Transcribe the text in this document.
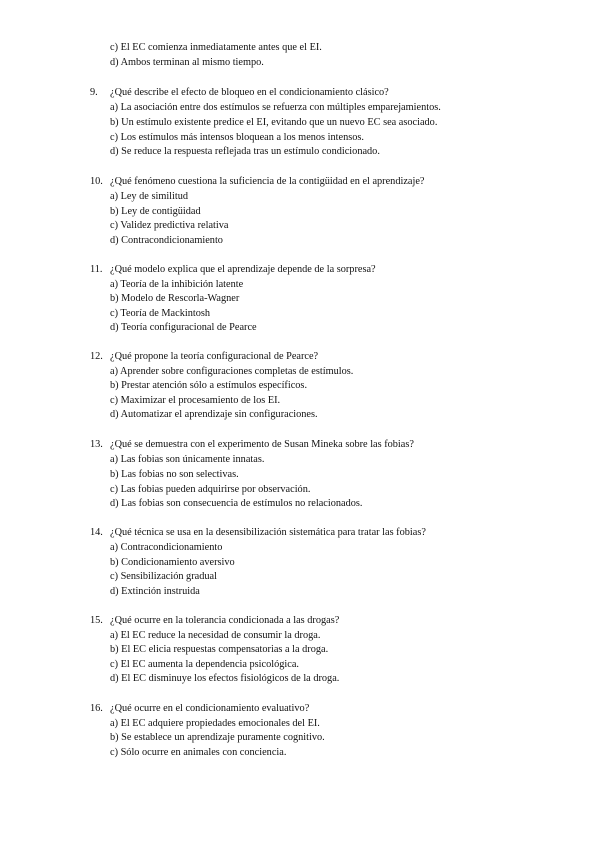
c) El EC comienza inmediatamente antes que el EI.
d) Ambos terminan al mismo tiempo.
9.	¿Qué describe el efecto de bloqueo en el condicionamiento clásico?
a) La asociación entre dos estímulos se refuerza con múltiples emparejamientos.
b) Un estímulo existente predice el EI, evitando que un nuevo EC sea asociado.
c) Los estímulos más intensos bloquean a los menos intensos.
d) Se reduce la respuesta reflejada tras un estímulo condicionado.
10. ¿Qué fenómeno cuestiona la suficiencia de la contigüidad en el aprendizaje?
a) Ley de similitud
b) Ley de contigüidad
c) Validez predictiva relativa
d) Contracondicionamiento
11. ¿Qué modelo explica que el aprendizaje depende de la sorpresa?
a) Teoría de la inhibición latente
b) Modelo de Rescorla-Wagner
c) Teoría de Mackintosh
d) Teoría configuracional de Pearce
12. ¿Qué propone la teoría configuracional de Pearce?
a) Aprender sobre configuraciones completas de estímulos.
b) Prestar atención sólo a estímulos específicos.
c) Maximizar el procesamiento de los EI.
d) Automatizar el aprendizaje sin configuraciones.
13. ¿Qué se demuestra con el experimento de Susan Mineka sobre las fobias?
a) Las fobias son únicamente innatas.
b) Las fobias no son selectivas.
c) Las fobias pueden adquirirse por observación.
d) Las fobias son consecuencia de estímulos no relacionados.
14. ¿Qué técnica se usa en la desensibilización sistemática para tratar las fobias?
a) Contracondicionamiento
b) Condicionamiento aversivo
c) Sensibilización gradual
d) Extinción instruida
15. ¿Qué ocurre en la tolerancia condicionada a las drogas?
a) El EC reduce la necesidad de consumir la droga.
b) El EC elicia respuestas compensatorias a la droga.
c) El EC aumenta la dependencia psicológica.
d) El EC disminuye los efectos fisiológicos de la droga.
16. ¿Qué ocurre en el condicionamiento evaluativo?
a) El EC adquiere propiedades emocionales del EI.
b) Se establece un aprendizaje puramente cognitivo.
c) Sólo ocurre en animales con conciencia.
